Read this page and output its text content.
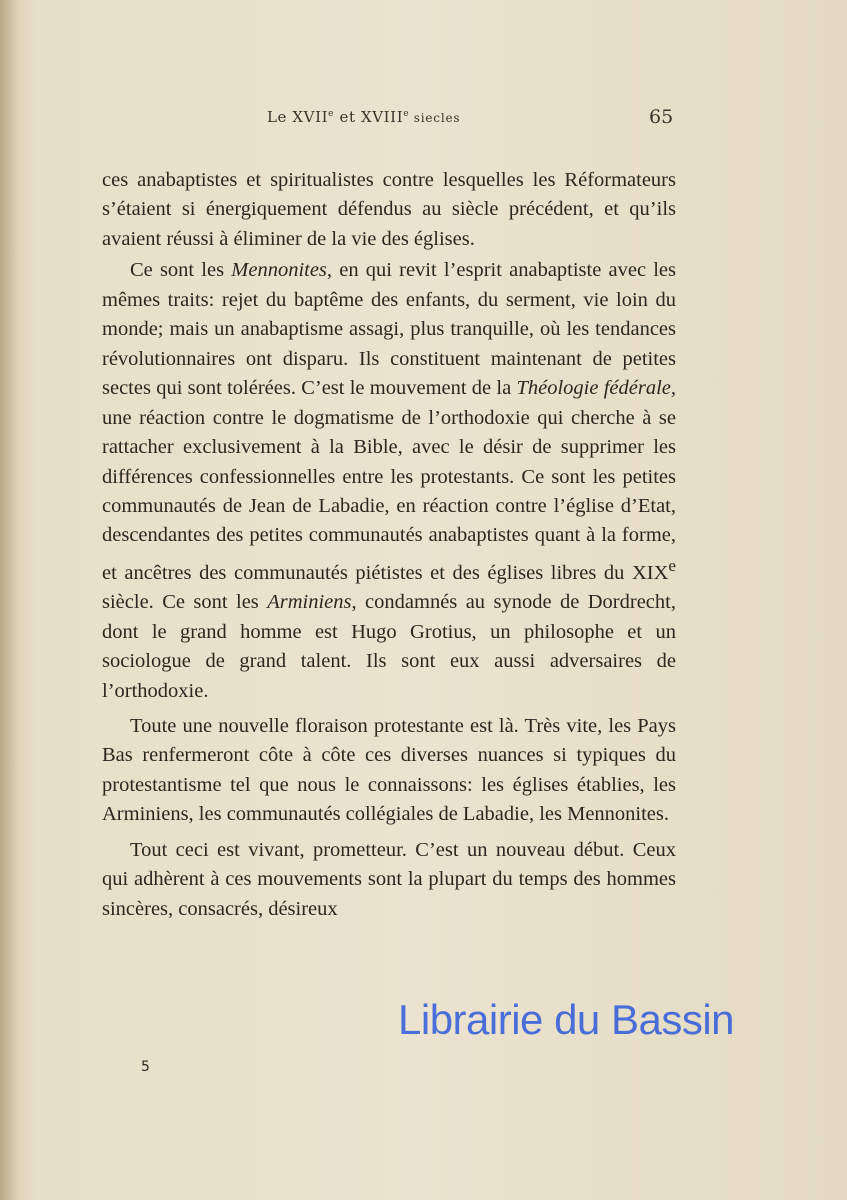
Le XVIIe et XVIIIe siecles	65

ces anabaptistes et spiritualistes contre lesquelles les Réformateurs s’étaient si énergiquement défendus au siècle précédent, et qu’ils avaient réussi à éliminer de la vie des églises.

Ce sont les Mennonites, en qui revit l’esprit anabaptiste avec les mêmes traits: rejet du baptême des enfants, du serment, vie loin du monde; mais un anabaptisme assagi, plus tranquille, où les tendances révolutionnaires ont disparu. Ils constituent maintenant de petites sectes qui sont tolérées. C’est le mouvement de la Théologie fédérale, une réaction contre le dogmatisme de l’orthodoxie qui cherche à se rattacher exclusivement à la Bible, avec le désir de supprimer les différences confessionnelles entre les protestants. Ce sont les petites communautés de Jean de Labadie, en réaction contre l’église d’Etat, descendantes des petites communautés anabaptistes quant à la forme, et ancêtres des communautés piétistes et des églises libres du XIXe siècle. Ce sont les Arminiens, condamnés au synode de Dordrecht, dont le grand homme est Hugo Grotius, un philosophe et un sociologue de grand talent. Ils sont eux aussi adversaires de l’orthodoxie.

Toute une nouvelle floraison protestante est là. Très vite, les Pays Bas renfermeront côte à côte ces diverses nuances si typiques du protestantisme tel que nous le connaissons: les églises établies, les Arminiens, les communautés collégiales de Labadie, les Mennonites.

Tout ceci est vivant, prometteur. C’est un nouveau début. Ceux qui adhèrent à ces mouvements sont la plupart du temps des hommes sincères, consacrés, désireux

5
Librairie du Bassin
